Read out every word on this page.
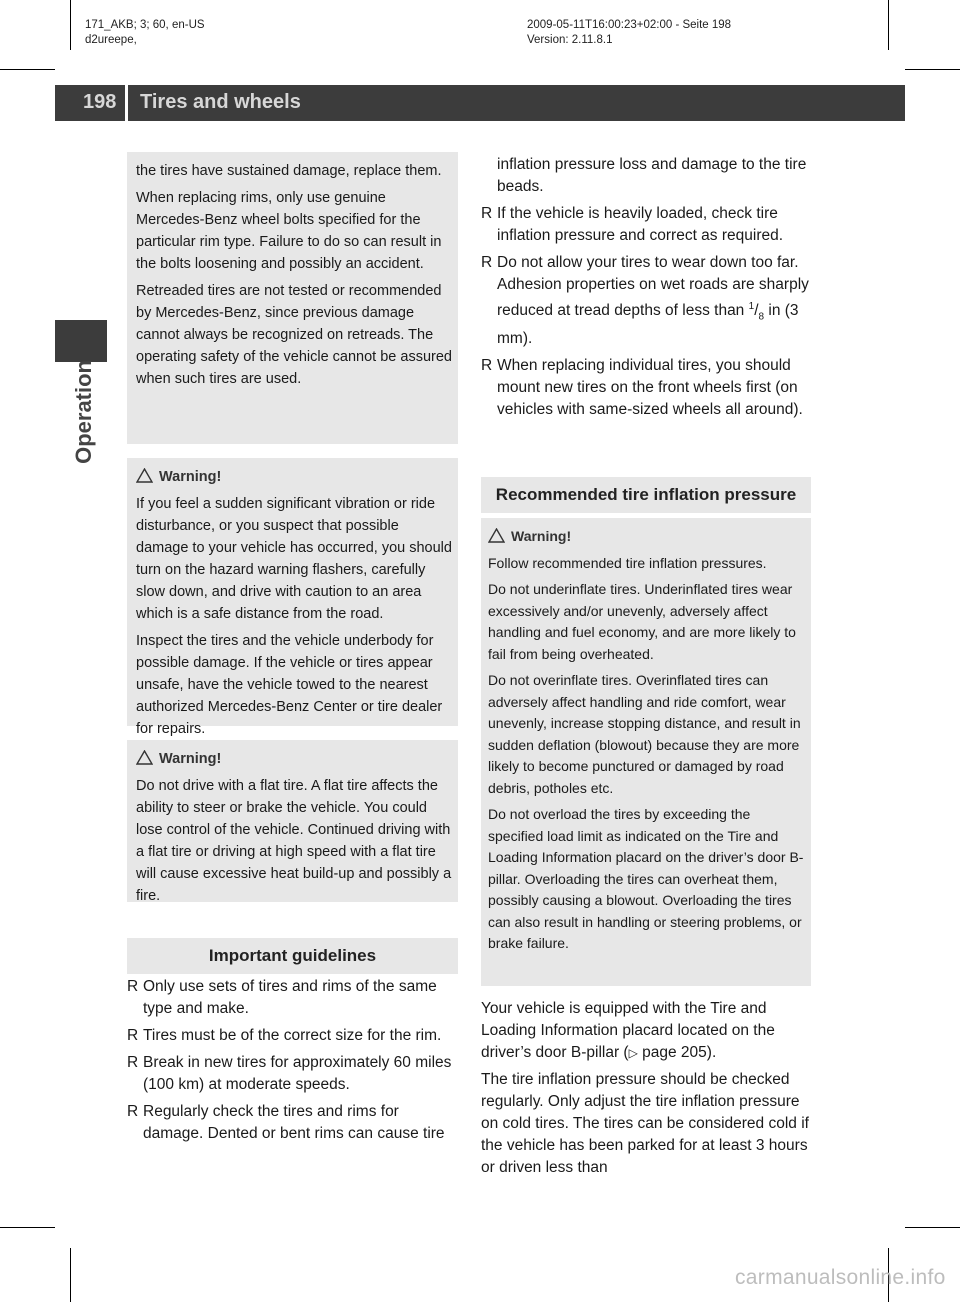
171_AKB; 3; 60, en-US
d2ureepe,
2009-05-11T16:00:23+02:00 - Seite 198
Version: 2.11.8.1
198 Tires and wheels
Operation

the tires have sustained damage, replace them.

When replacing rims, only use genuine Mercedes-Benz wheel bolts specified for the particular rim type. Failure to do so can result in the bolts loosening and possibly an accident.

Retreaded tires are not tested or recommended by Mercedes-Benz, since previous damage cannot always be recognized on retreads. The operating safety of the vehicle cannot be assured when such tires are used.

Warning!

If you feel a sudden significant vibration or ride disturbance, or you suspect that possible damage to your vehicle has occurred, you should turn on the hazard warning flashers, carefully slow down, and drive with caution to an area which is a safe distance from the road.

Inspect the tires and the vehicle underbody for possible damage. If the vehicle or tires appear unsafe, have the vehicle towed to the nearest authorized Mercedes-Benz Center or tire dealer for repairs.

Warning!

Do not drive with a flat tire. A flat tire affects the ability to steer or brake the vehicle. You could lose control of the vehicle. Continued driving with a flat tire or driving at high speed with a flat tire will cause excessive heat build-up and possibly a fire.

Important guidelines
R Only use sets of tires and rims of the same type and make.
R Tires must be of the correct size for the rim.
R Break in new tires for approximately 60 miles (100 km) at moderate speeds.
R Regularly check the tires and rims for damage. Dented or bent rims can cause tire

inflation pressure loss and damage to the tire beads.

R If the vehicle is heavily loaded, check tire inflation pressure and correct as required.
R Do not allow your tires to wear down too far. Adhesion properties on wet roads are sharply reduced at tread depths of less than $^1/_8$ in (3 mm).
R When replacing individual tires, you should mount new tires on the front wheels first (on vehicles with same-sized wheels all around).
Recommended tire inflation pressure

Warning!

Follow recommended tire inflation pressures.

Do not underinflate tires. Underinflated tires wear excessively and/or unevenly, adversely affect handling and fuel economy, and are more likely to fail from being overheated.

Do not overinflate tires. Overinflated tires can adversely affect handling and ride comfort, wear unevenly, increase stopping distance, and result in sudden deflation (blowout) because they are more likely to become punctured or damaged by road debris, potholes etc.

Do not overload the tires by exceeding the specified load limit as indicated on the Tire and Loading Information placard on the driver’s door B-pillar. Overloading the tires can overheat them, possibly causing a blowout. Overloading the tires can also result in handling or steering problems, or brake failure.

Your vehicle is equipped with the Tire and Loading Information placard located on the driver’s door B-pillar (▷ page 205).

The tire inflation pressure should be checked regularly. Only adjust the tire inflation pressure on cold tires. The tires can be considered cold if the vehicle has been parked for at least 3 hours or driven less than

carmanualsonline.info
